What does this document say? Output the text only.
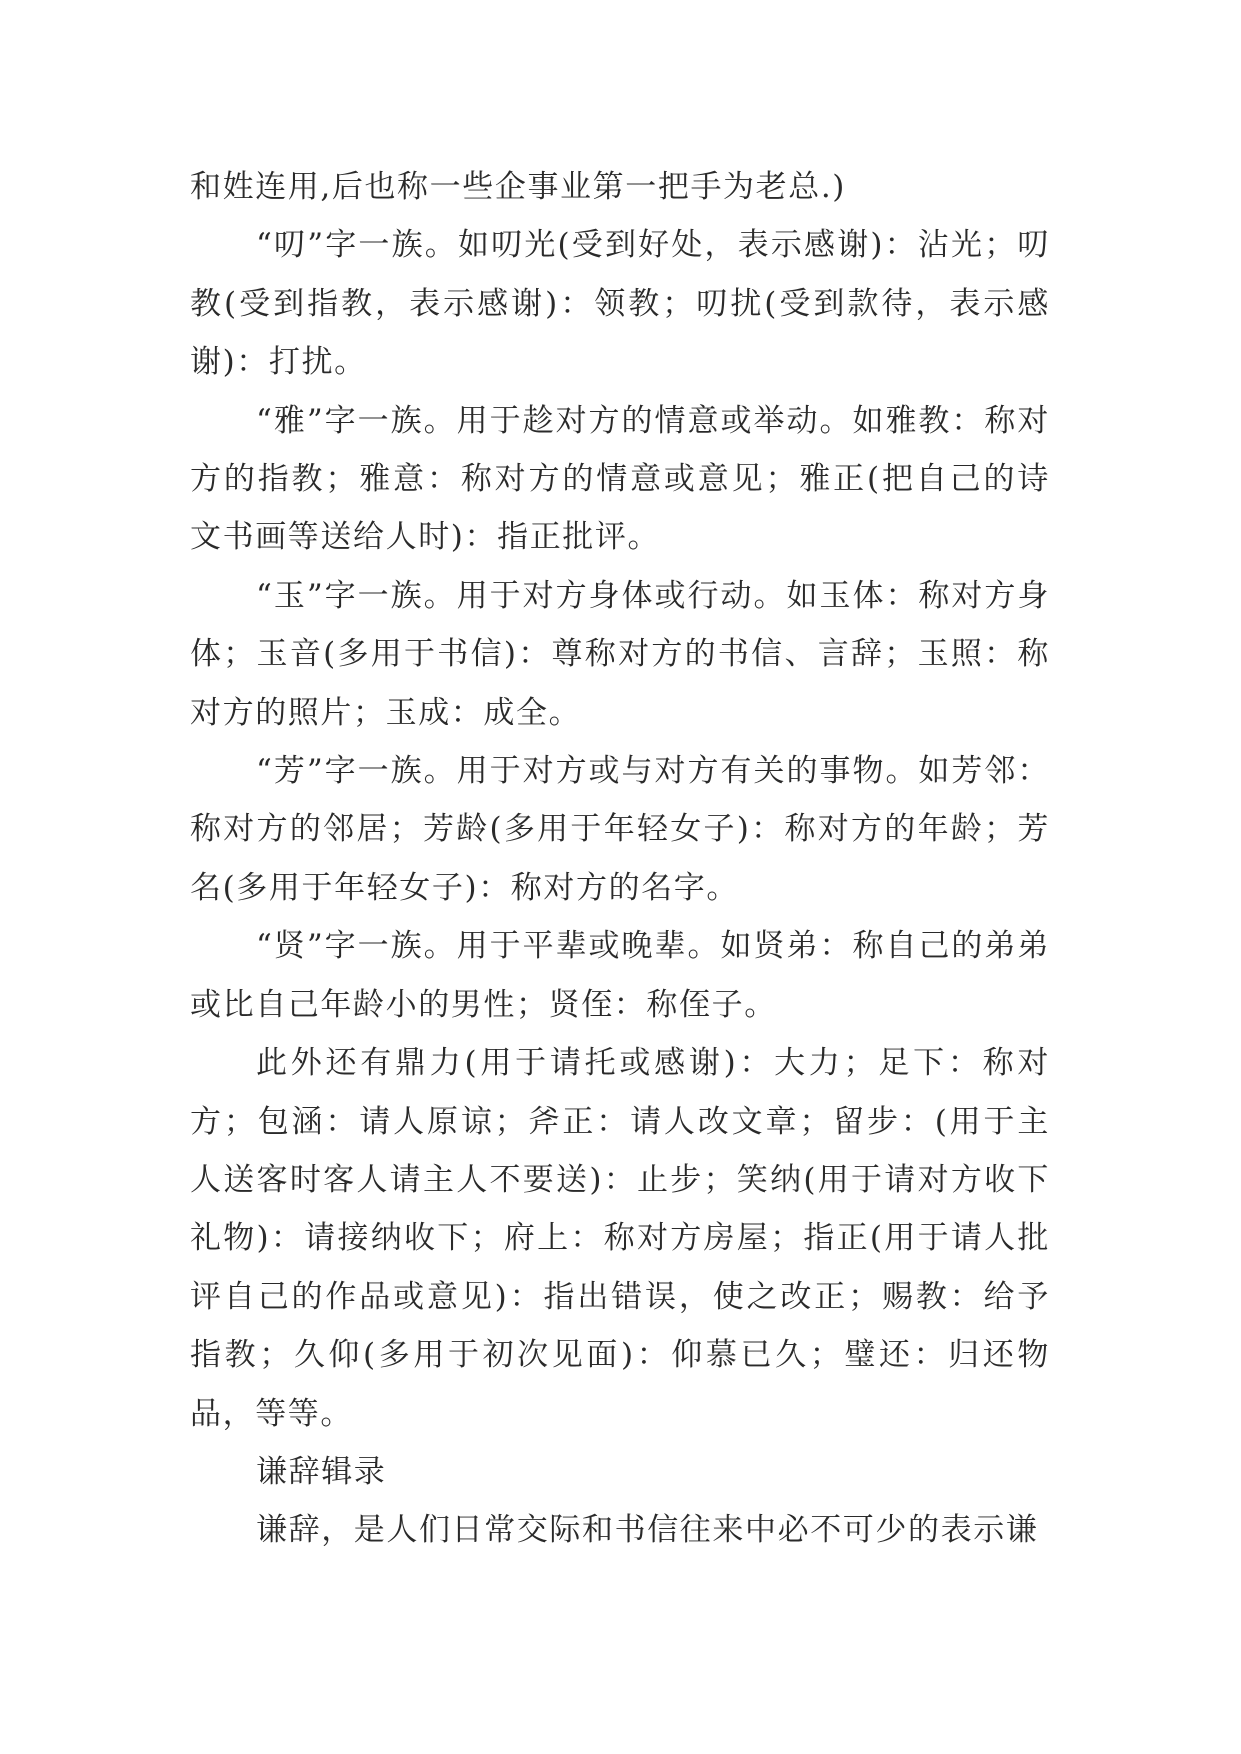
和姓连用,后也称一些企事业第一把手为老总.)

“叨”字一族。如叨光(受到好处，表示感谢)：沾光；叨教(受到指教，表示感谢)：领教；叨扰(受到款待，表示感谢)：打扰。

“雅”字一族。用于趁对方的情意或举动。如雅教：称对方的指教；雅意：称对方的情意或意见；雅正(把自己的诗文书画等送给人时)：指正批评。

“玉”字一族。用于对方身体或行动。如玉体：称对方身体；玉音(多用于书信)：尊称对方的书信、言辞；玉照：称对方的照片；玉成：成全。

“芳”字一族。用于对方或与对方有关的事物。如芳邻：称对方的邻居；芳龄(多用于年轻女子)：称对方的年龄；芳名(多用于年轻女子)：称对方的名字。

“贤”字一族。用于平辈或晚辈。如贤弟：称自己的弟弟或比自己年龄小的男性；贤侄：称侄子。

此外还有鼎力(用于请托或感谢)：大力；足下：称对方；包涵：请人原谅；斧正：请人改文章；留步：(用于主人送客时客人请主人不要送)：止步；笑纳(用于请对方收下礼物)：请接纳收下；府上：称对方房屋；指正(用于请人批评自己的作品或意见)：指出错误，使之改正；赐教：给予指教；久仰(多用于初次见面)：仰慕已久；璧还：归还物品，等等。

谦辞辑录

谦辞，是人们日常交际和书信往来中必不可少的表示谦
